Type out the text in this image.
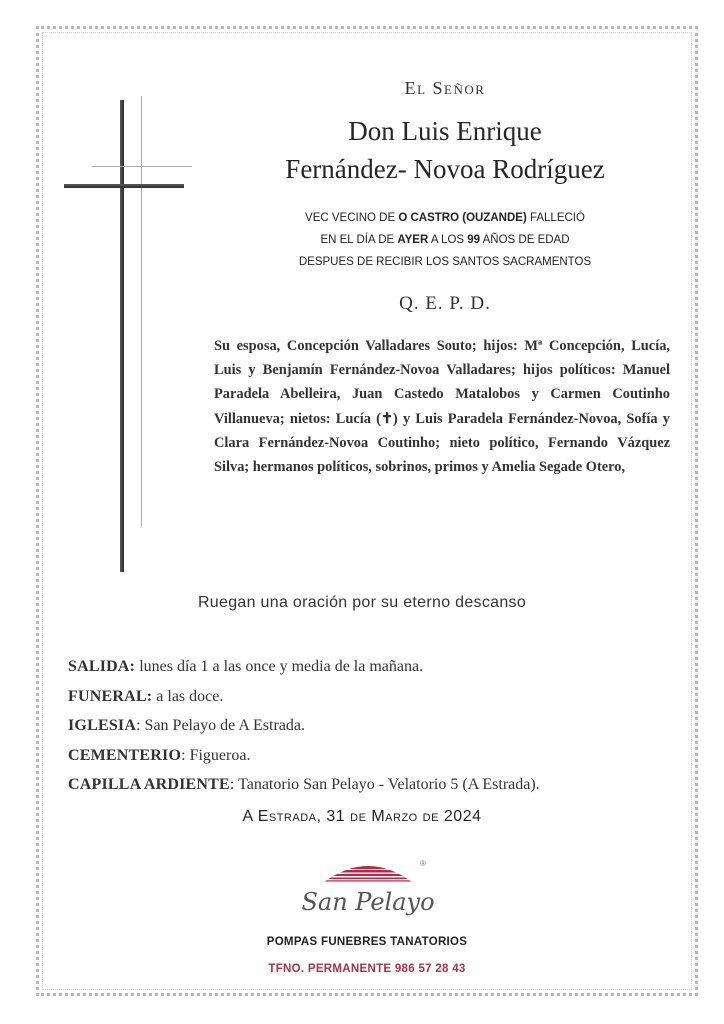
El Señor
Don Luis Enrique
Fernández- Novoa Rodríguez
VEC VECINO DE O CASTRO (OUZANDE) FALLECIÓ
EN EL DÍA DE AYER A LOS 99 AÑOS DE EDAD
DESPUES DE RECIBIR LOS SANTOS SACRAMENTOS
Q. E. P. D.
Su esposa, Concepción Valladares Souto; hijos: Mª Concepción, Lucía, Luis y Benjamín Fernández-Novoa Valladares; hijos políticos: Manuel Paradela Abelleira, Juan Castedo Matalobos y Carmen Coutinho Villanueva; nietos: Lucía (✝) y Luis Paradela Fernández-Novoa, Sofía y Clara Fernández-Novoa Coutinho; nieto político, Fernando Vázquez Silva; hermanos políticos, sobrinos, primos y Amelia Segade Otero,
Ruegan una oración por su eterno descanso
SALIDA: lunes día 1 a las once y media de la mañana.
FUNERAL: a las doce.
IGLESIA: San Pelayo de A Estrada.
CEMENTERIO: Figueroa.
CAPILLA ARDIENTE: Tanatorio San Pelayo - Velatorio 5 (A Estrada).
A Estrada, 31 de Marzo de 2024
®
San Pelayo
POMPAS FUNEBRES TANATORIOS
TFNO. PERMANENTE 986 57 28 43
